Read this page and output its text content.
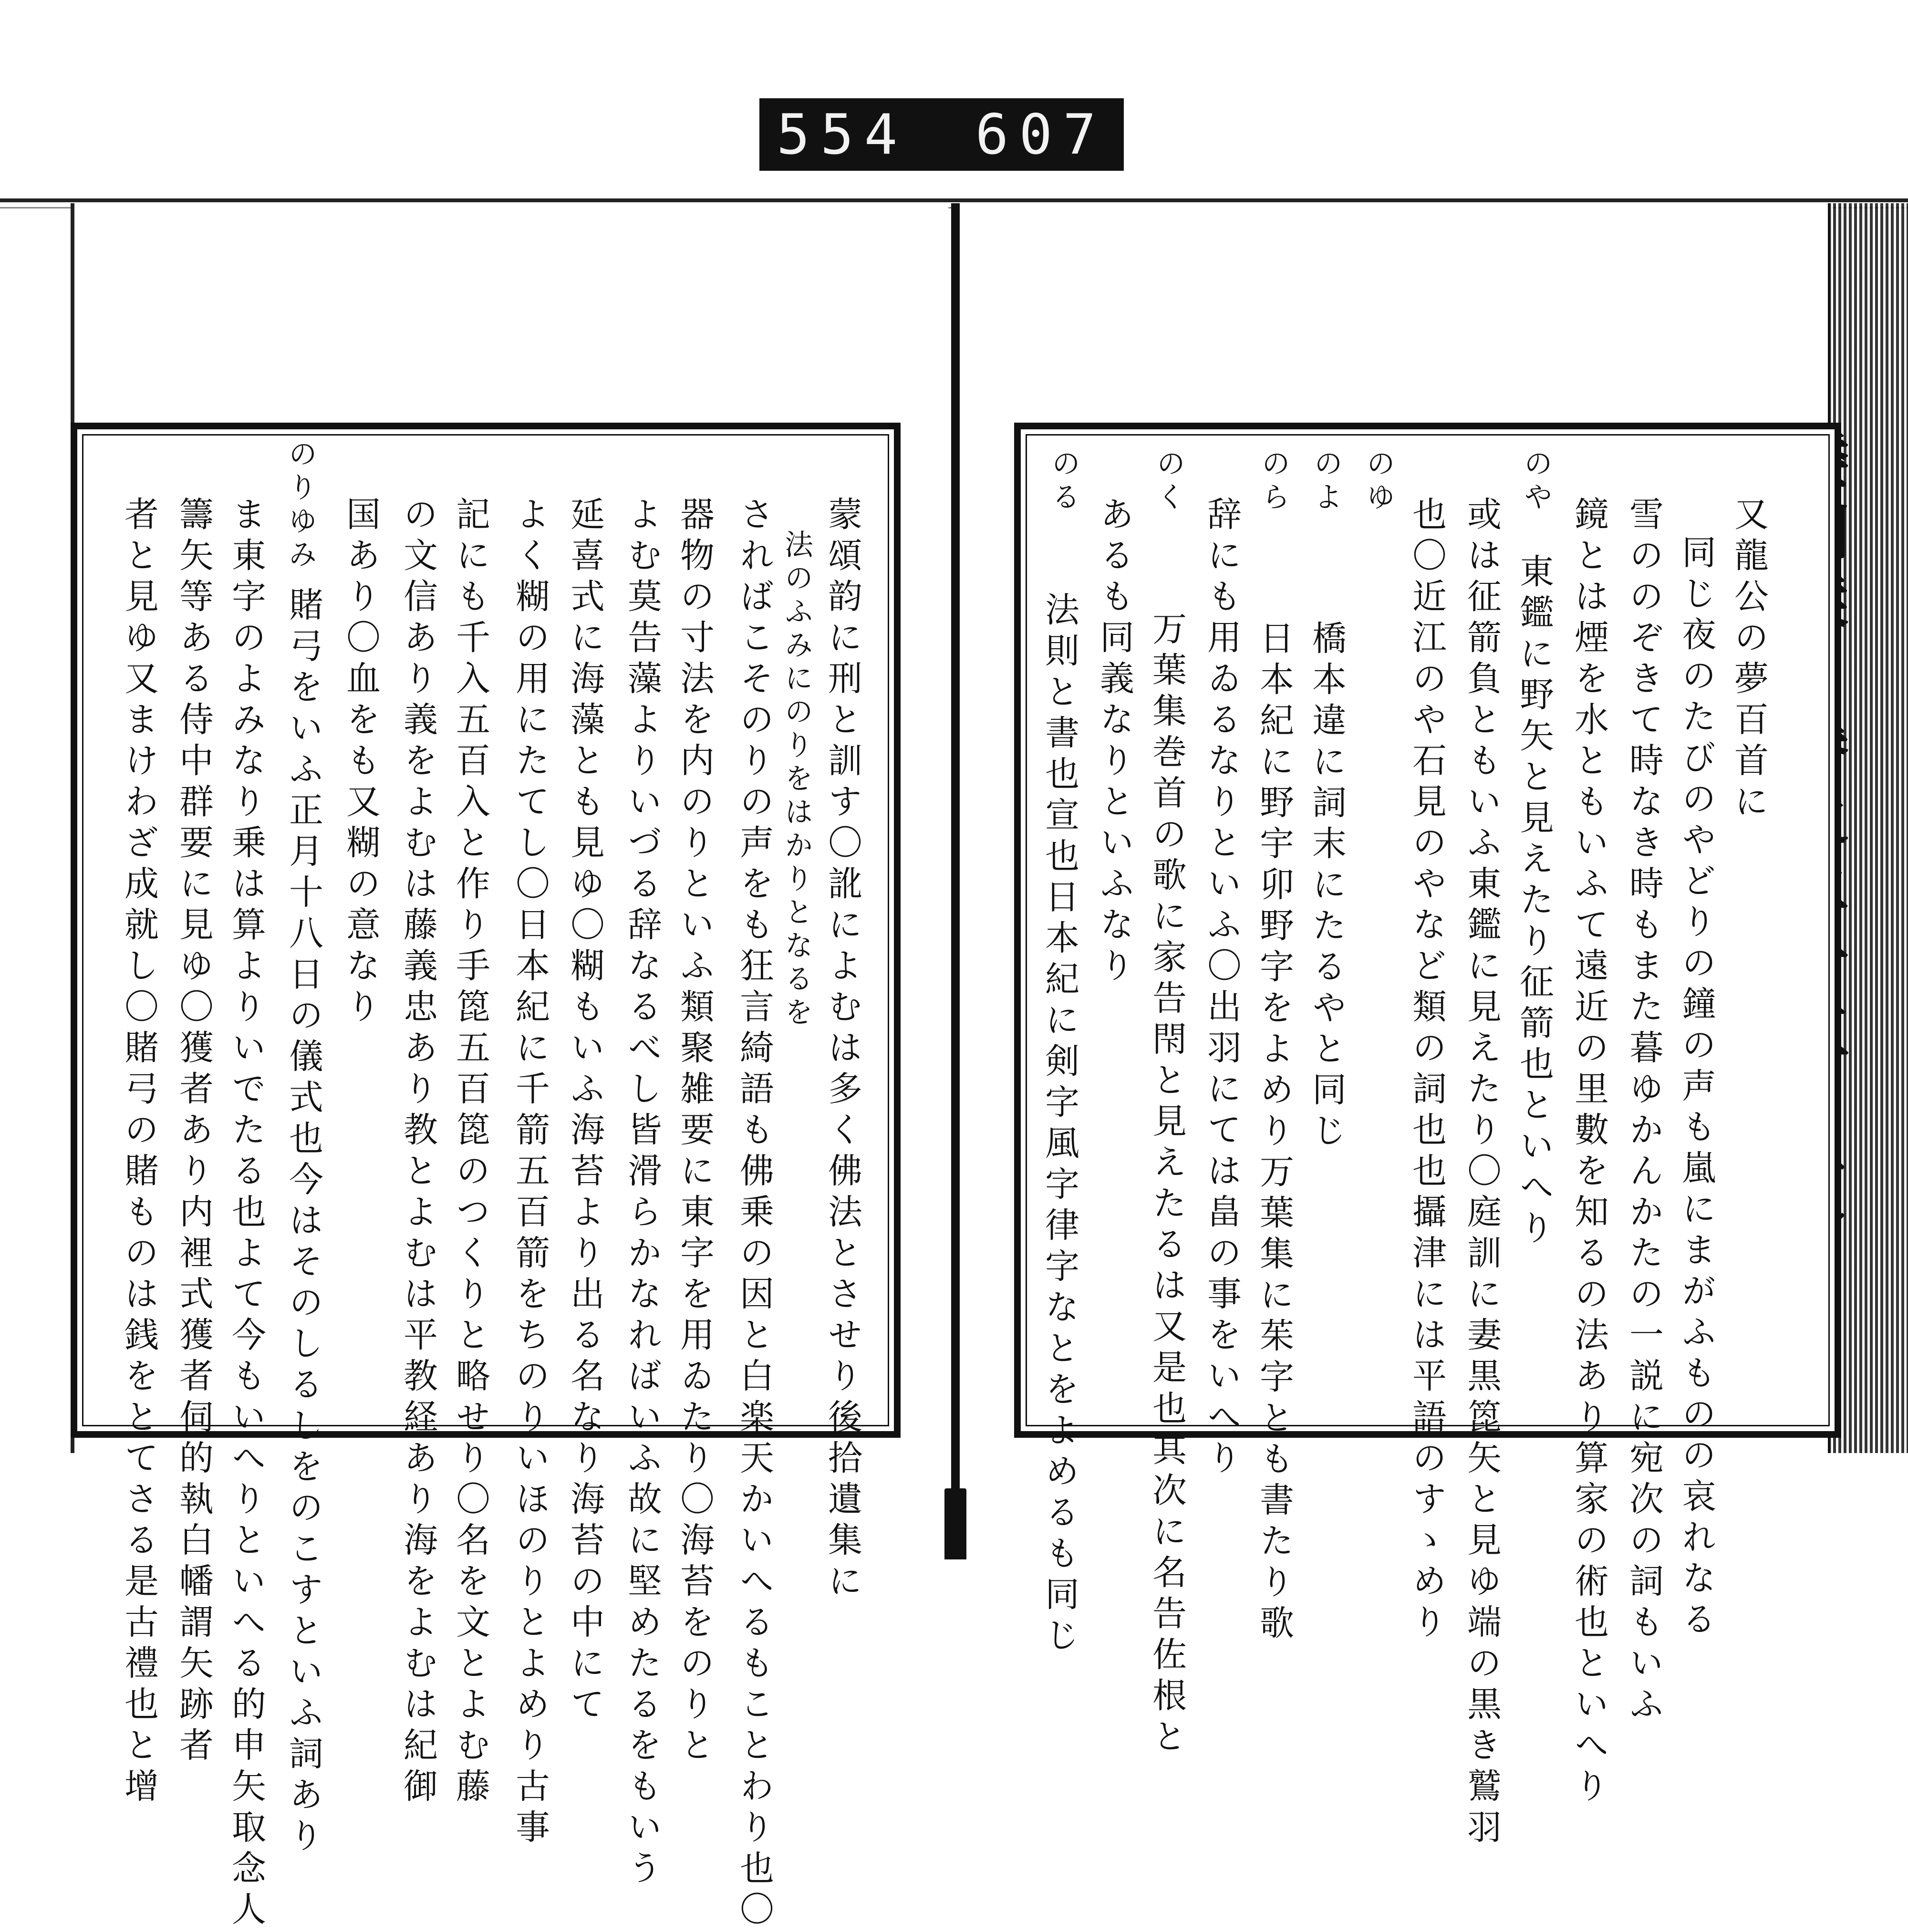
554 607
蒙頌韵に刑と訓す〇訛によむは多く佛法とさせり後拾遺集に
法のふみにのりをはかりとなるを
さればこそのりの声をも狂言綺語も佛乗の因と白楽天かいへるもことわり也〇
器物の寸法を内のりといふ類聚雑要に東字を用ゐたり〇海苔をのりと
よむ莫告藻よりいづる辞なるべし皆滑らかなればいふ故に堅めたるをもいう
延喜式に海藻とも見ゆ〇糊もいふ海苔より出る名なり海苔の中にて
よく糊の用にたてし〇日本紀に千箭五百箭をちのりいほのりとよめり古事
記にも千入五百入と作り手箆五百箆のつくりと略せり〇名を文とよむ藤
の文信あり義をよむは藤義忠あり教とよむは平教経あり海をよむは紀御
国あり〇血をも又糊の意なり
のりゆみ
賭弓をいふ正月十八日の儀式也今はそのしるしをのこすといふ詞あり
ま東字のよみなり乗は算よりいでたる也よて今もいへりといへる的申矢取念人
籌矢等ある侍中群要に見ゆ〇獲者あり内裡式獲者伺的執白幡謂矢跡者
者と見ゆ又まけわざ成就し〇賭弓の賭ものは銭をとてさる是古禮也と增	又龍公の夢百首に
同じ夜のたびのやどりの鐘の声も嵐にまがふものの哀れなる
雪ののぞきて時なき時もまた暮ゆかんかたの一説に宛次の詞もいふ
鏡とは煙を水ともいふて遠近の里數を知るの法あり算家の術也といへり
のや
東鑑に野矢と見えたり征箭也といへり
或は征箭負ともいふ東鑑に見えたり〇庭訓に妻黒箆矢と見ゆ端の黒き鷲羽
也〇近江のや石見のやなど類の詞也也攝津には平語のすゝめり
のゆ
のよ
橋本違に詞末にたるやと同じ
のら
日本紀に野宇卯野字をよめり万葉集に茱字とも書たり歌
辞にも用ゐるなりといふ〇出羽にては畠の事をいへり
のく
万葉集巻首の歌に家告閇と見えたるは又是也其次に名告佐根と
あるも同義なりといふなり
のる
法則と書也宣也日本紀に剣字風字律字なとをよめるも同じ
